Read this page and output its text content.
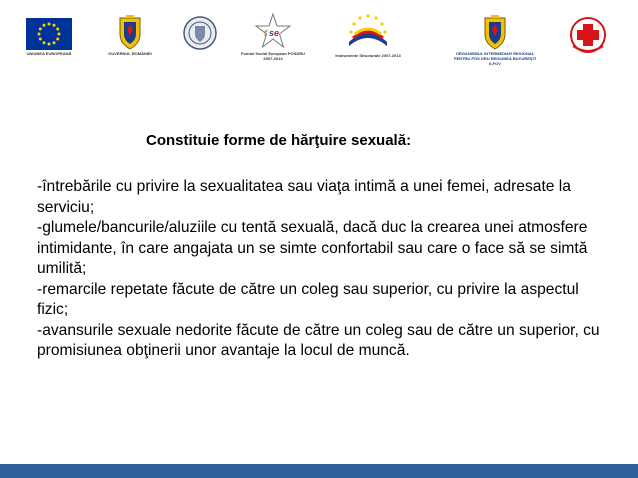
UNIUNEA EUROPEANĂ	GUVERNUL ROMÂNIEI
f s e
Fondul Social European POSDRU 2007-2013
Instrumente Structurale 2007-2013	ORGANISMUL INTERMEDIAR REGIONAL PENTRU POS DRU REGIUNEA BUCUREŞTI ILFOV
Constituie forme de hărţuire sexuală:

-întrebările cu privire la sexualitatea sau viaţa intimă a unei femei, adresate la serviciu;

-glumele/bancurile/aluziile cu tentă sexuală, dacă duc la crearea unei atmosfere intimidante, în care angajata un se simte confortabil sau care o face să se simtă umilită;

-remarcile repetate făcute de către un coleg sau superior, cu privire la aspectul fizic;

-avansurile sexuale nedorite făcute de către un coleg sau de către un superior, cu promisiunea obţinerii unor avantaje la locul de muncă.
